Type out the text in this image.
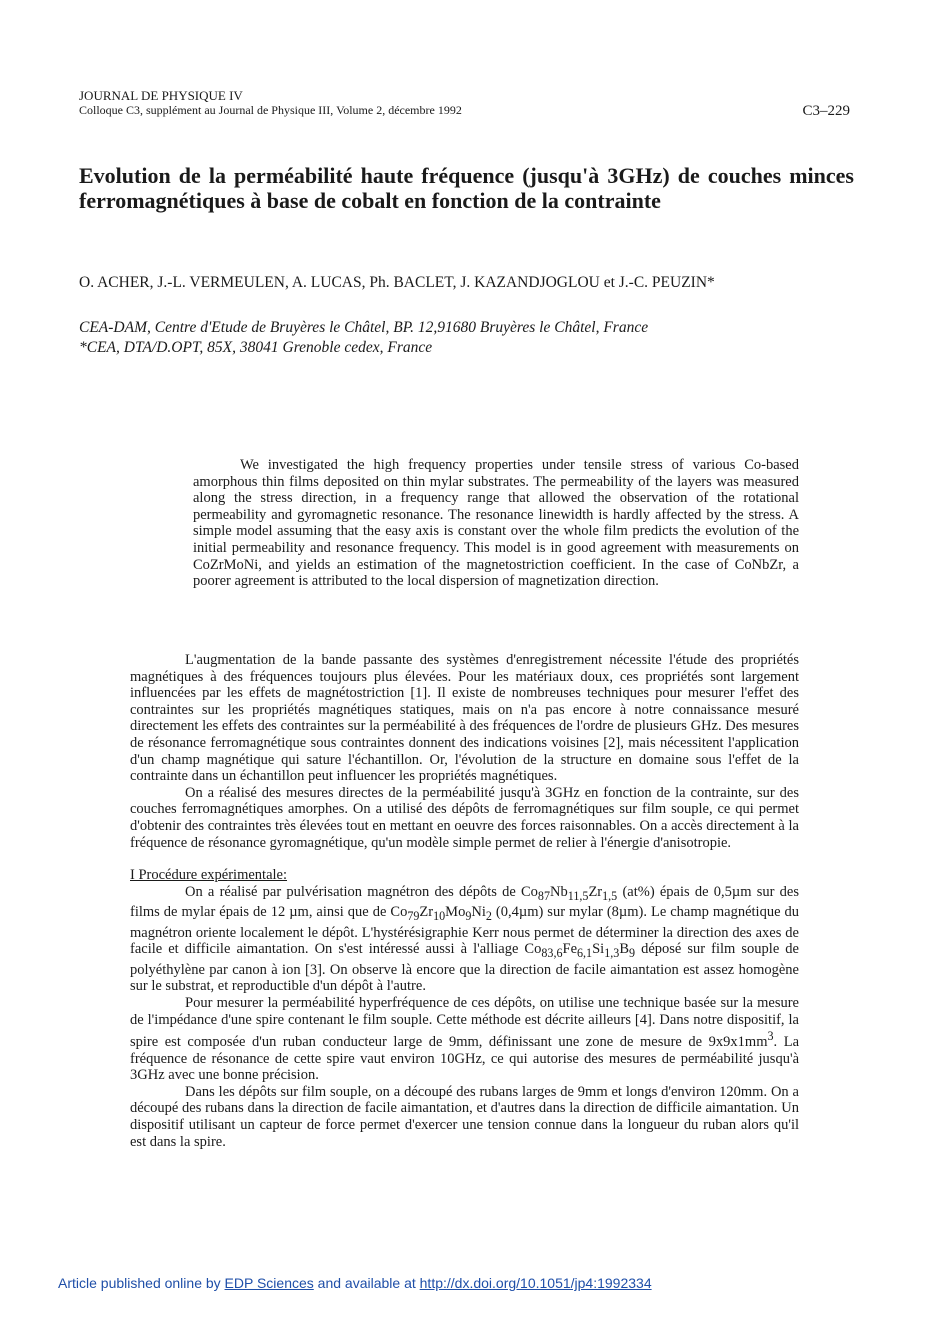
JOURNAL DE PHYSIQUE IV
Colloque C3, supplément au Journal de Physique III, Volume 2, décembre 1992	C3–229
Evolution de la perméabilité haute fréquence (jusqu'à 3GHz) de couches minces ferromagnétiques à base de cobalt en fonction de la contrainte
O. ACHER, J.-L. VERMEULEN, A. LUCAS, Ph. BACLET, J. KAZANDJOGLOU et J.-C. PEUZIN*
CEA-DAM, Centre d'Etude de Bruyères le Châtel, BP. 12,91680 Bruyères le Châtel, France
*CEA, DTA/D.OPT, 85X, 38041 Grenoble cedex, France

We investigated the high frequency properties under tensile stress of various Co-based amorphous thin films deposited on thin mylar substrates. The permeability of the layers was measured along the stress direction, in a frequency range that allowed the observation of the rotational permeability and gyromagnetic resonance. The resonance linewidth is hardly affected by the stress. A simple model assuming that the easy axis is constant over the whole film predicts the evolution of the initial permeability and resonance frequency. This model is in good agreement with measurements on CoZrMoNi, and yields an estimation of the magnetostriction coefficient. In the case of CoNbZr, a poorer agreement is attributed to the local dispersion of magnetization direction.

L'augmentation de la bande passante des systèmes d'enregistrement nécessite l'étude des propriétés magnétiques à des fréquences toujours plus élevées. Pour les matériaux doux, ces propriétés sont largement influencées par les effets de magnétostriction [1]. Il existe de nombreuses techniques pour mesurer l'effet des contraintes sur les propriétés magnétiques statiques, mais on n'a pas encore à notre connaissance mesuré directement les effets des contraintes sur la perméabilité à des fréquences de l'ordre de plusieurs GHz. Des mesures de résonance ferromagnétique sous contraintes donnent des indications voisines [2], mais nécessitent l'application d'un champ magnétique qui sature l'échantillon. Or, l'évolution de la structure en domaine sous l'effet de la contrainte dans un échantillon peut influencer les propriétés magnétiques.

On a réalisé des mesures directes de la perméabilité jusqu'à 3GHz en fonction de la contrainte, sur des couches ferromagnétiques amorphes. On a utilisé des dépôts de ferromagnétiques sur film souple, ce qui permet d'obtenir des contraintes très élevées tout en mettant en oeuvre des forces raisonnables. On a accès directement à la fréquence de résonance gyromagnétique, qu'un modèle simple permet de relier à l'énergie d'anisotropie.

I Procédure expérimentale:

On a réalisé par pulvérisation magnétron des dépôts de $Co_{87}Nb_{11,5}Zr_{1,5}$ (at%) épais de 0,5µm sur des films de mylar épais de 12 µm, ainsi que de $Co_{79}Zr_{10}Mo_9Ni_2$ (0,4µm) sur mylar (8µm). Le champ magnétique du magnétron oriente localement le dépôt. L'hystérésigraphie Kerr nous permet de déterminer la direction des axes de facile et difficile aimantation. On s'est intéressé aussi à l'alliage $Co_{83,6}Fe_{6,1}Si_{1,3}B_9$ déposé sur film souple de polyéthylène par canon à ion [3]. On observe là encore que la direction de facile aimantation est assez homogène sur le substrat, et reproductible d'un dépôt à l'autre.

Pour mesurer la perméabilité hyperfréquence de ces dépôts, on utilise une technique basée sur la mesure de l'impédance d'une spire contenant le film souple. Cette méthode est décrite ailleurs [4]. Dans notre dispositif, la spire est composée d'un ruban conducteur large de 9mm, définissant une zone de mesure de $9x9x1mm^3$. La fréquence de résonance de cette spire vaut environ 10GHz, ce qui autorise des mesures de perméabilité jusqu'à 3GHz avec une bonne précision.

Dans les dépôts sur film souple, on a découpé des rubans larges de 9mm et longs d'environ 120mm. On a découpé des rubans dans la direction de facile aimantation, et d'autres dans la direction de difficile aimantation. Un dispositif utilisant un capteur de force permet d'exercer une tension connue dans la longueur du ruban alors qu'il est dans la spire.

Article published online by EDP Sciences and available at http://dx.doi.org/10.1051/jp4:1992334
